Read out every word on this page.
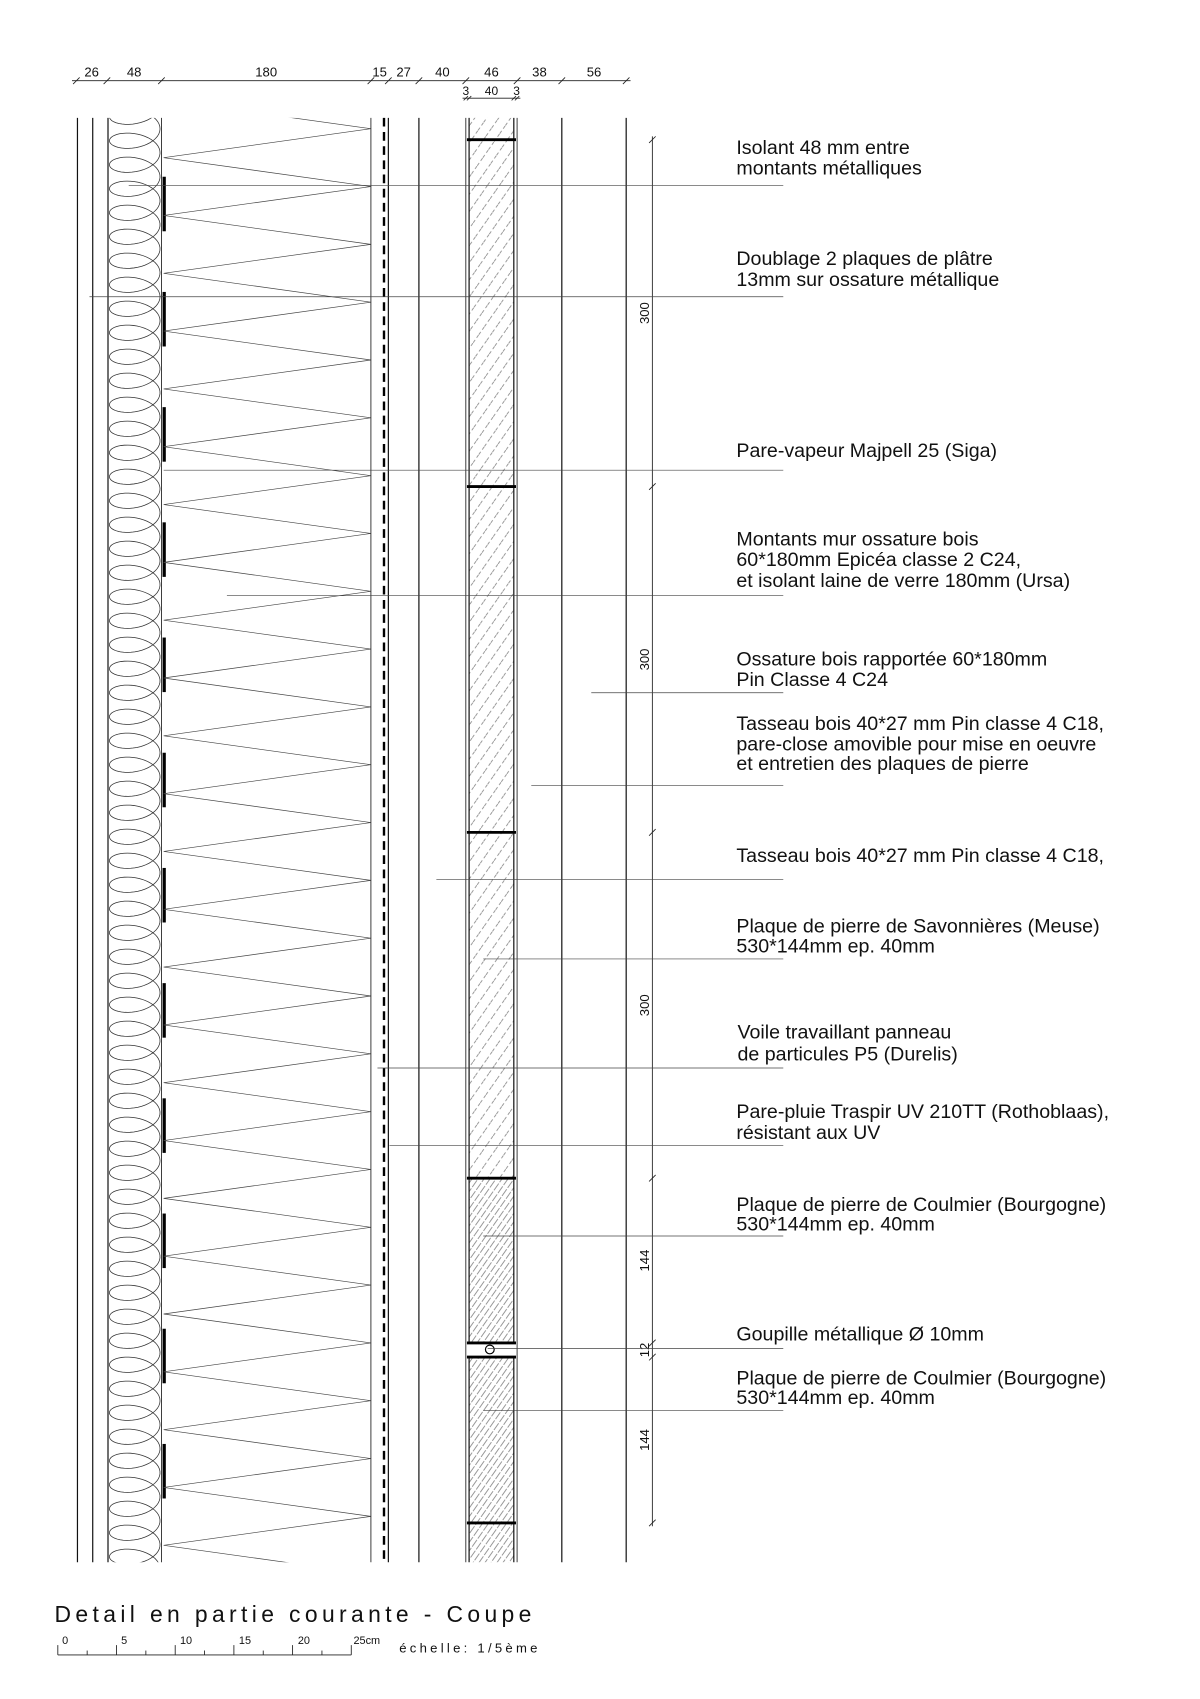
26 48	180	15 27 40	46	38	56
3 40 3
300
300
300
144
12
144
Isolant 48 mm entre
montants métalliques
Doublage 2 plaques de plâtre
13mm sur ossature métallique
Pare-vapeur Majpell 25 (Siga)
Montants mur ossature bois
60*180mm Epicéa classe 2 C24,
et isolant laine de verre 180mm (Ursa)
Ossature bois rapportée 60*180mm
Pin Classe 4 C24
Tasseau bois 40*27 mm Pin classe 4 C18,
pare-close amovible pour mise en oeuvre
et entretien des plaques de pierre
Tasseau bois 40*27 mm Pin classe 4 C18,
Plaque de pierre de Savonnières (Meuse)
530*144mm ep. 40mm
Voile travaillant panneau
de particules P5 (Durelis)
Pare-pluie Traspir UV 210TT (Rothoblaas),
résistant aux UV
Plaque de pierre de Coulmier (Bourgogne)
530*144mm ep. 40mm
Goupille métallique Ø 10mm
Plaque de pierre de Coulmier (Bourgogne)
530*144mm ep. 40mm
Detail en partie courante - Coupe
0	5	10	15	20	25cm échelle: 1/5ème
